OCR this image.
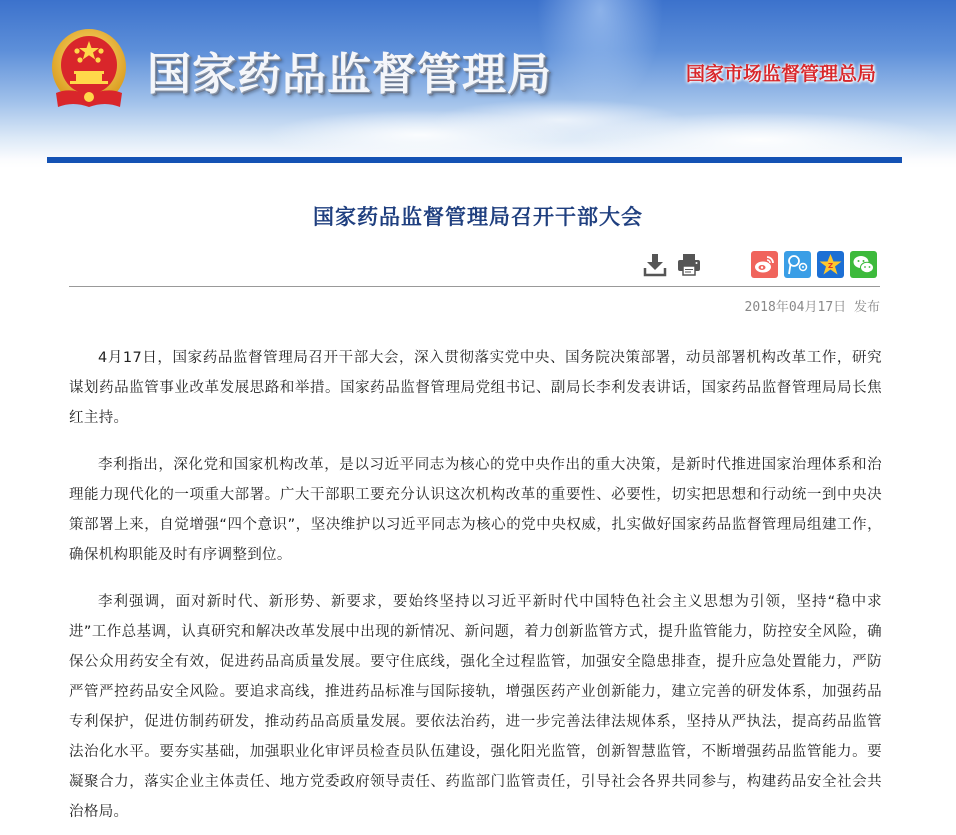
国家药品监督管理局	国家市场监督管理总局
国家药品监督管理局召开干部大会
Z
2018年04月17日 发布

4月17日，国家药品监督管理局召开干部大会，深入贯彻落实党中央、国务院决策部署，动员部署机构改革工作，研究谋划药品监管事业改革发展思路和举措。国家药品监督管理局党组书记、副局长李利发表讲话，国家药品监督管理局局长焦红主持。

李利指出，深化党和国家机构改革，是以习近平同志为核心的党中央作出的重大决策，是新时代推进国家治理体系和治理能力现代化的一项重大部署。广大干部职工要充分认识这次机构改革的重要性、必要性，切实把思想和行动统一到中央决策部署上来，自觉增强“四个意识”，坚决维护以习近平同志为核心的党中央权威，扎实做好国家药品监督管理局组建工作，确保机构职能及时有序调整到位。

李利强调，面对新时代、新形势、新要求，要始终坚持以习近平新时代中国特色社会主义思想为引领，坚持“稳中求进”工作总基调，认真研究和解决改革发展中出现的新情况、新问题，着力创新监管方式，提升监管能力，防控安全风险，确保公众用药安全有效，促进药品高质量发展。要守住底线，强化全过程监管，加强安全隐患排查，提升应急处置能力，严防严管严控药品安全风险。要追求高线，推进药品标准与国际接轨，增强医药产业创新能力，建立完善的研发体系，加强药品专利保护，促进仿制药研发，推动药品高质量发展。要依法治药，进一步完善法律法规体系，坚持从严执法，提高药品监管法治化水平。要夯实基础，加强职业化审评员检查员队伍建设，强化阳光监管，创新智慧监管，不断增强药品监管能力。要凝聚合力，落实企业主体责任、地方党委政府领导责任、药监部门监管责任，引导社会各界共同参与，构建药品安全社会共治格局。
